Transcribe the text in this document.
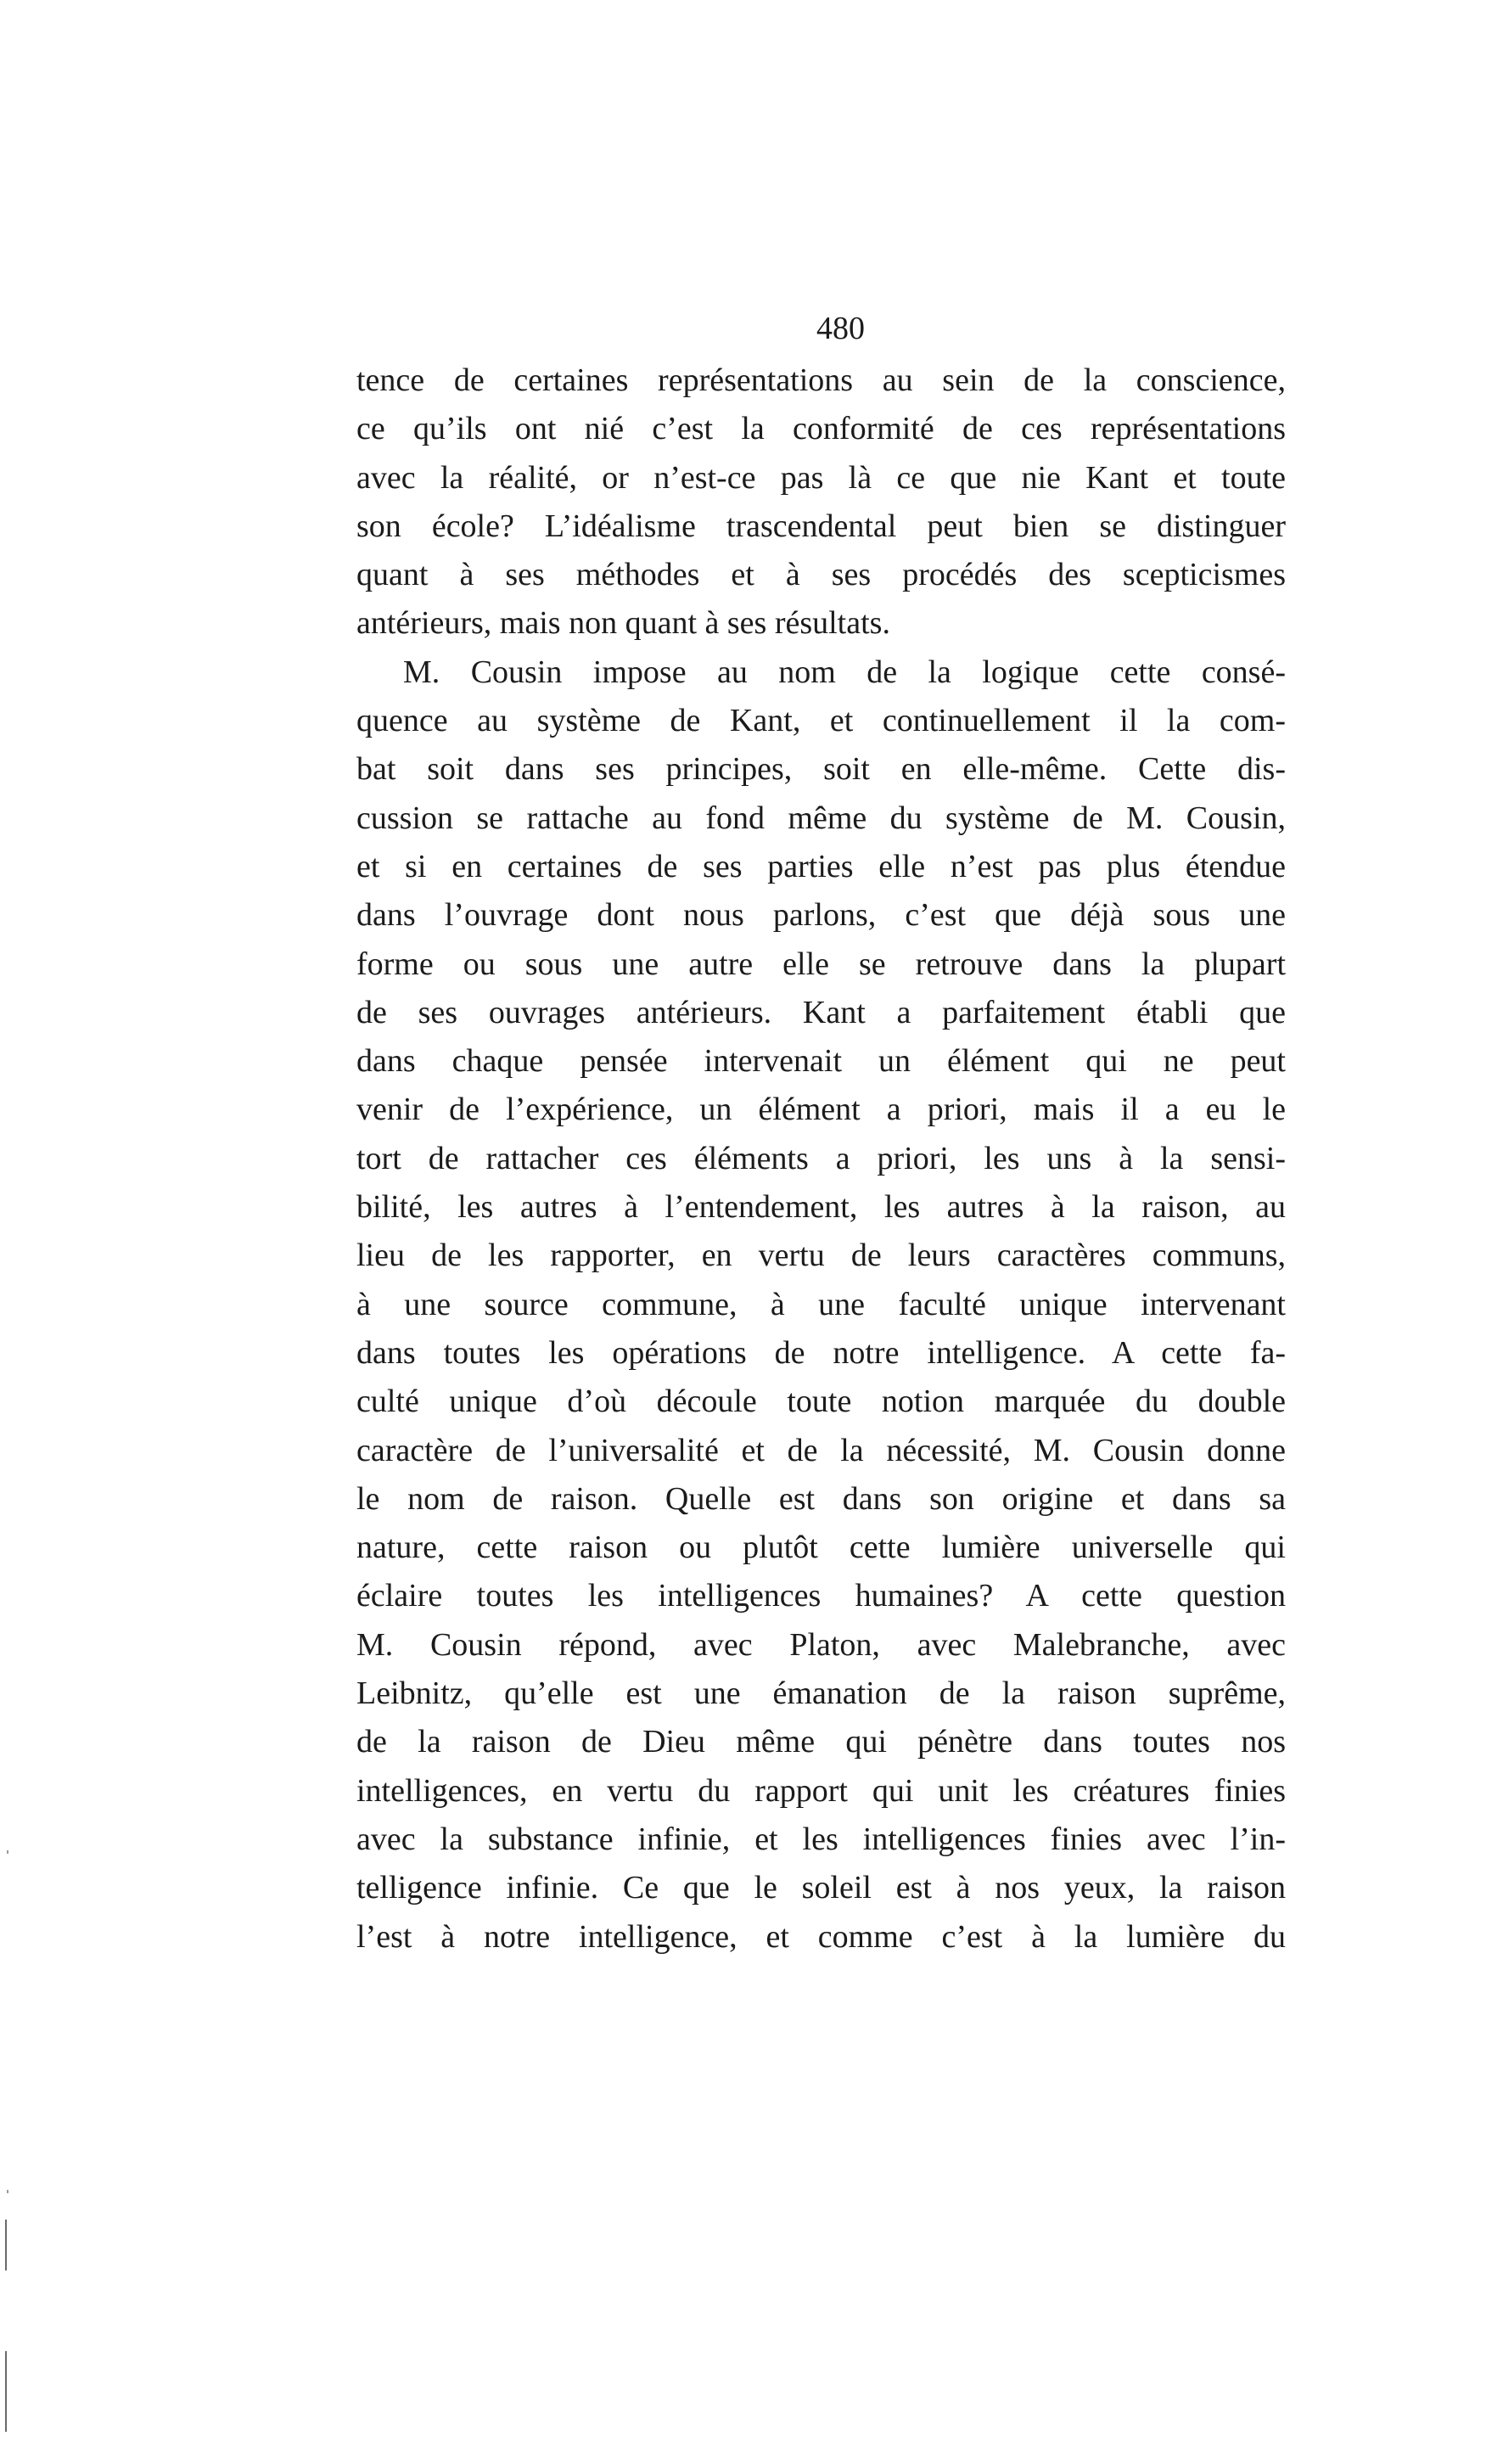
480
tence de certaines représentations au sein de la conscience,
ce qu’ils ont nié c’est la conformité de ces représentations
avec la réalité, or n’est-ce pas là ce que nie Kant et toute
son école? L’idéalisme trascendental peut bien se distinguer
quant à ses méthodes et à ses procédés des scepticismes
antérieurs, mais non quant à ses résultats.
M. Cousin impose au nom de la logique cette consé-
quence au système de Kant, et continuellement il la com-
bat soit dans ses principes, soit en elle-même. Cette dis-
cussion se rattache au fond même du système de M. Cousin,
et si en certaines de ses parties elle n’est pas plus étendue
dans l’ouvrage dont nous parlons, c’est que déjà sous une
forme ou sous une autre elle se retrouve dans la plupart
de ses ouvrages antérieurs. Kant a parfaitement établi que
dans chaque pensée intervenait un élément qui ne peut
venir de l’expérience, un élément a priori, mais il a eu le
tort de rattacher ces éléments a priori, les uns à la sensi-
bilité, les autres à l’entendement, les autres à la raison, au
lieu de les rapporter, en vertu de leurs caractères communs,
à une source commune, à une faculté unique intervenant
dans toutes les opérations de notre intelligence. A cette fa-
culté unique d’où découle toute notion marquée du double
caractère de l’universalité et de la nécessité, M. Cousin donne
le nom de raison. Quelle est dans son origine et dans sa
nature, cette raison ou plutôt cette lumière universelle qui
éclaire toutes les intelligences humaines? A cette question
M. Cousin répond, avec Platon, avec Malebranche, avec
Leibnitz, qu’elle est une émanation de la raison suprême,
de la raison de Dieu même qui pénètre dans toutes nos
intelligences, en vertu du rapport qui unit les créatures finies
avec la substance infinie, et les intelligences finies avec l’in-
telligence infinie. Ce que le soleil est à nos yeux, la raison
l’est à notre intelligence, et comme c’est à la lumière du
